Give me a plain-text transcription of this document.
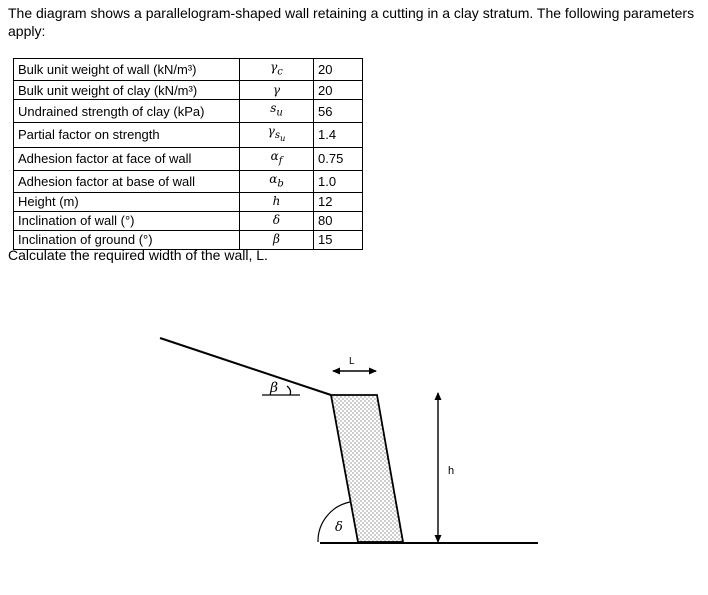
The diagram shows a parallelogram-shaped wall retaining a cutting in a clay stratum. The following parameters apply:
Bulk unit weight of wall (kN/m³)	$\gamma_c$	20
Bulk unit weight of clay (kN/m³)	γ	20
Undrained strength of clay (kPa)	$s_u$	56
Partial factor on strength	$\gamma_{s_u}$	1.4
Adhesion factor at face of wall	$\alpha_f$	0.75
Adhesion factor at base of wall	$\alpha_b$	1.0
Height (m)	h	12
Inclination of wall (°)	δ	80
Inclination of ground (°)	β	15
Calculate the required width of the wall, L.
β
δ
L
h
